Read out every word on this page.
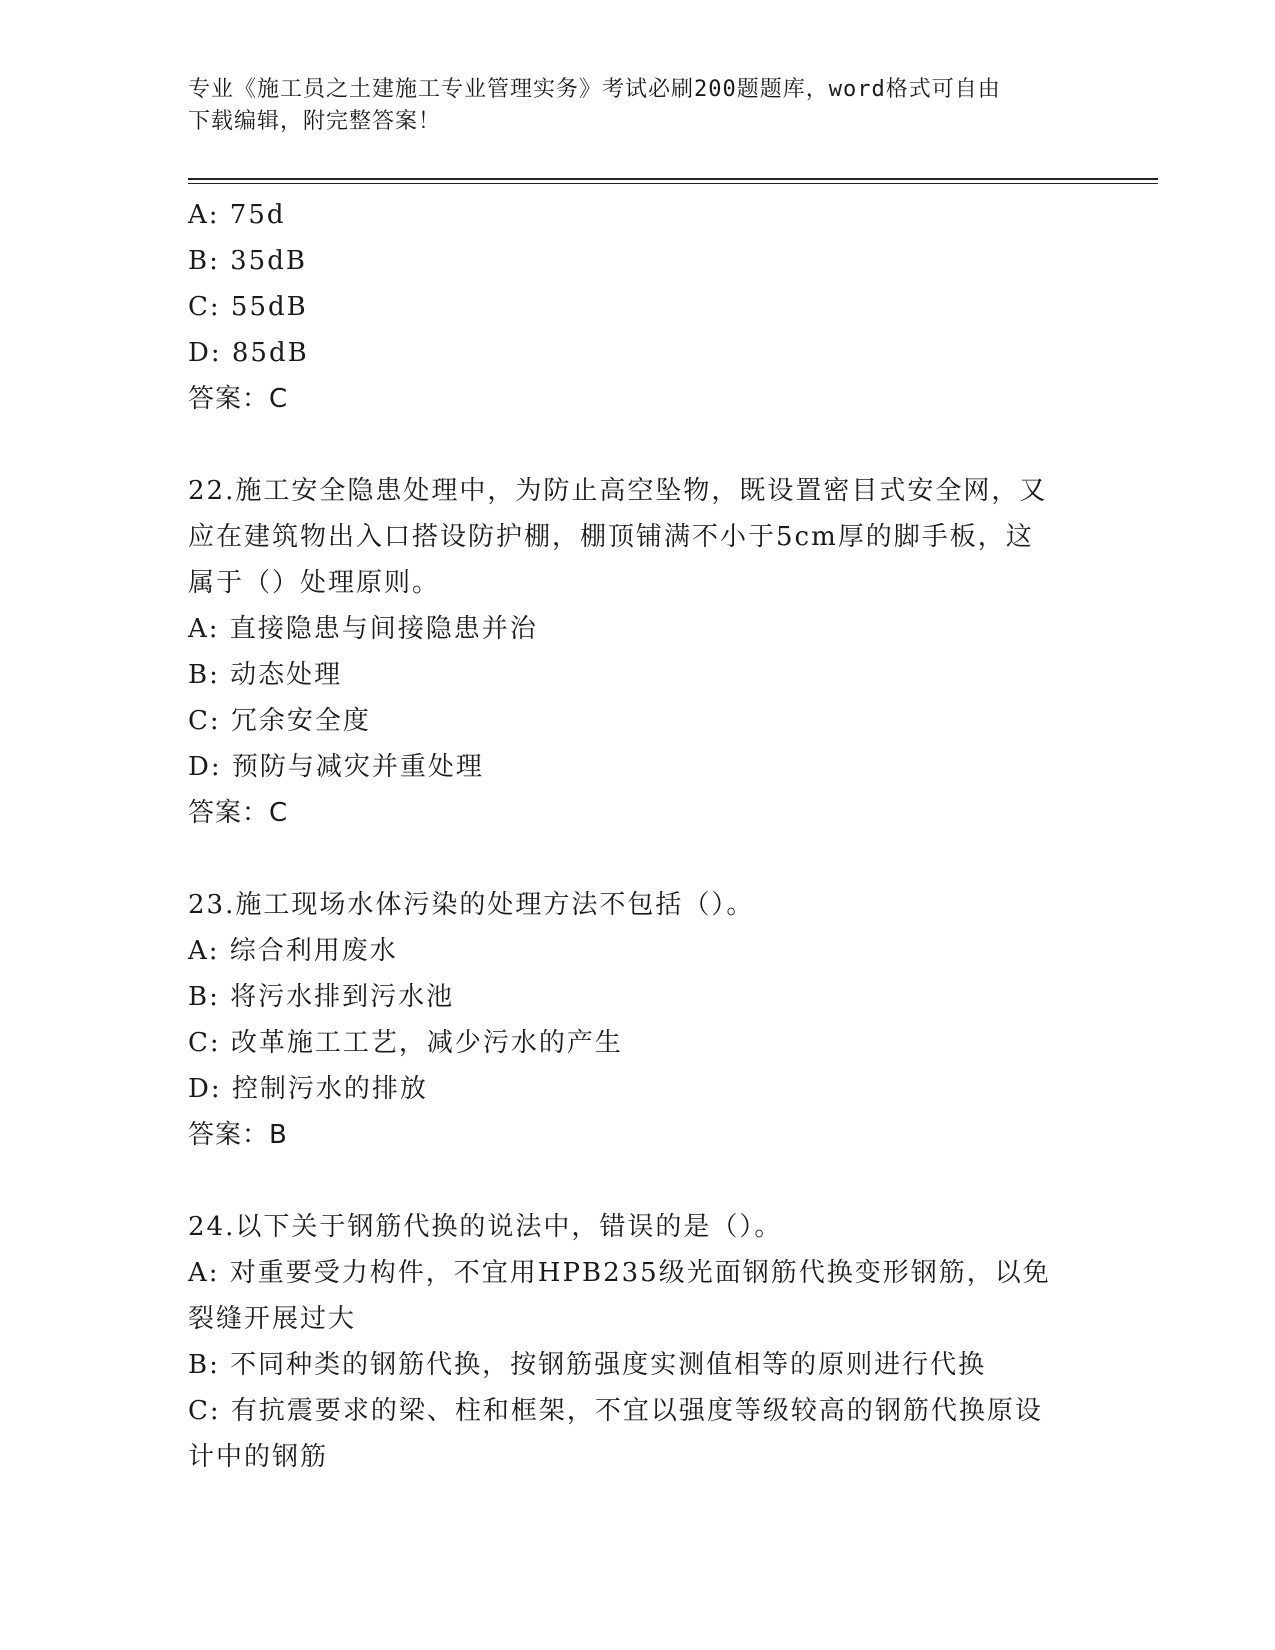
专业《施工员之土建施工专业管理实务》考试必刷200题题库，word格式可自由
下载编辑，附完整答案！
A: 75d
B: 35dB
C: 55dB
D: 85dB
答案：C
22.施工安全隐患处理中，为防止高空坠物，既设置密目式安全网，又
应在建筑物出入口搭设防护棚，棚顶铺满不小于5cm厚的脚手板，这
属于（）处理原则。
A: 直接隐患与间接隐患并治
B: 动态处理
C: 冗余安全度
D: 预防与减灾并重处理
答案：C
23.施工现场水体污染的处理方法不包括（）。
A: 综合利用废水
B: 将污水排到污水池
C: 改革施工工艺，减少污水的产生
D: 控制污水的排放
答案：B
24.以下关于钢筋代换的说法中，错误的是（）。
A: 对重要受力构件，不宜用HPB235级光面钢筋代换变形钢筋，以免
裂缝开展过大
B: 不同种类的钢筋代换，按钢筋强度实测值相等的原则进行代换
C: 有抗震要求的梁、柱和框架，不宜以强度等级较高的钢筋代换原设
计中的钢筋
